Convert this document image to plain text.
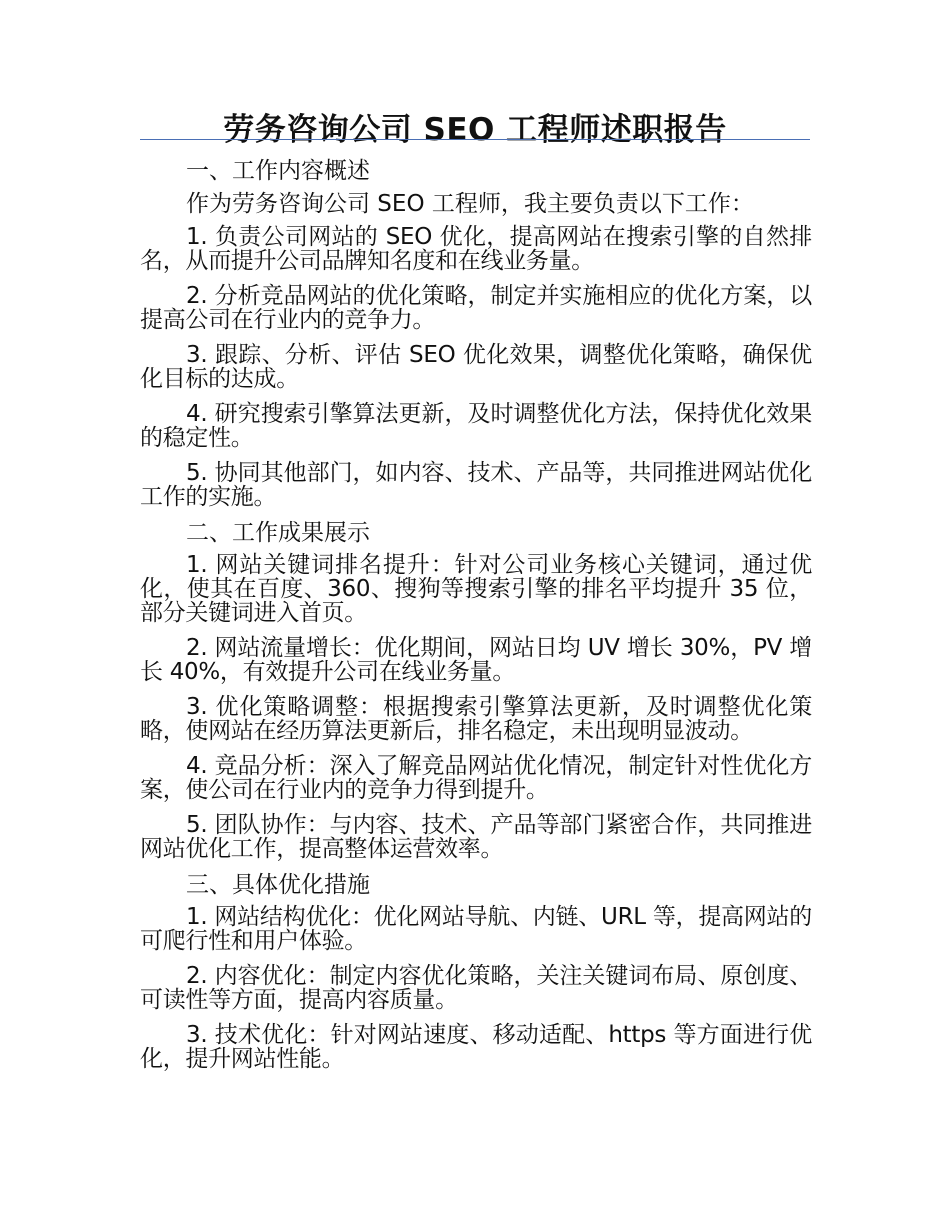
劳务咨询公司 SEO 工程师述职报告
一、工作内容概述
作为劳务咨询公司 SEO 工程师，我主要负责以下工作：

1. 负责公司网站的 SEO 优化，提高网站在搜索引擎的自然排名，从而提升公司品牌知名度和在线业务量。

2. 分析竞品网站的优化策略，制定并实施相应的优化方案，以提高公司在行业内的竞争力。

3. 跟踪、分析、评估 SEO 优化效果，调整优化策略，确保优化目标的达成。

4. 研究搜索引擎算法更新，及时调整优化方法，保持优化效果的稳定性。

5. 协同其他部门，如内容、技术、产品等，共同推进网站优化工作的实施。

二、工作成果展示

1. 网站关键词排名提升：针对公司业务核心关键词，通过优化，使其在百度、360、搜狗等搜索引擎的排名平均提升 35 位，部分关键词进入首页。

2. 网站流量增长：优化期间，网站日均 UV 增长 30%，PV 增长 40%，有效提升公司在线业务量。

3. 优化策略调整：根据搜索引擎算法更新，及时调整优化策略，使网站在经历算法更新后，排名稳定，未出现明显波动。

4. 竞品分析：深入了解竞品网站优化情况，制定针对性优化方案，使公司在行业内的竞争力得到提升。

5. 团队协作：与内容、技术、产品等部门紧密合作，共同推进网站优化工作，提高整体运营效率。

三、具体优化措施

1. 网站结构优化：优化网站导航、内链、URL 等，提高网站的可爬行性和用户体验。

2. 内容优化：制定内容优化策略，关注关键词布局、原创度、可读性等方面，提高内容质量。

3. 技术优化：针对网站速度、移动适配、https 等方面进行优化，提升网站性能。
